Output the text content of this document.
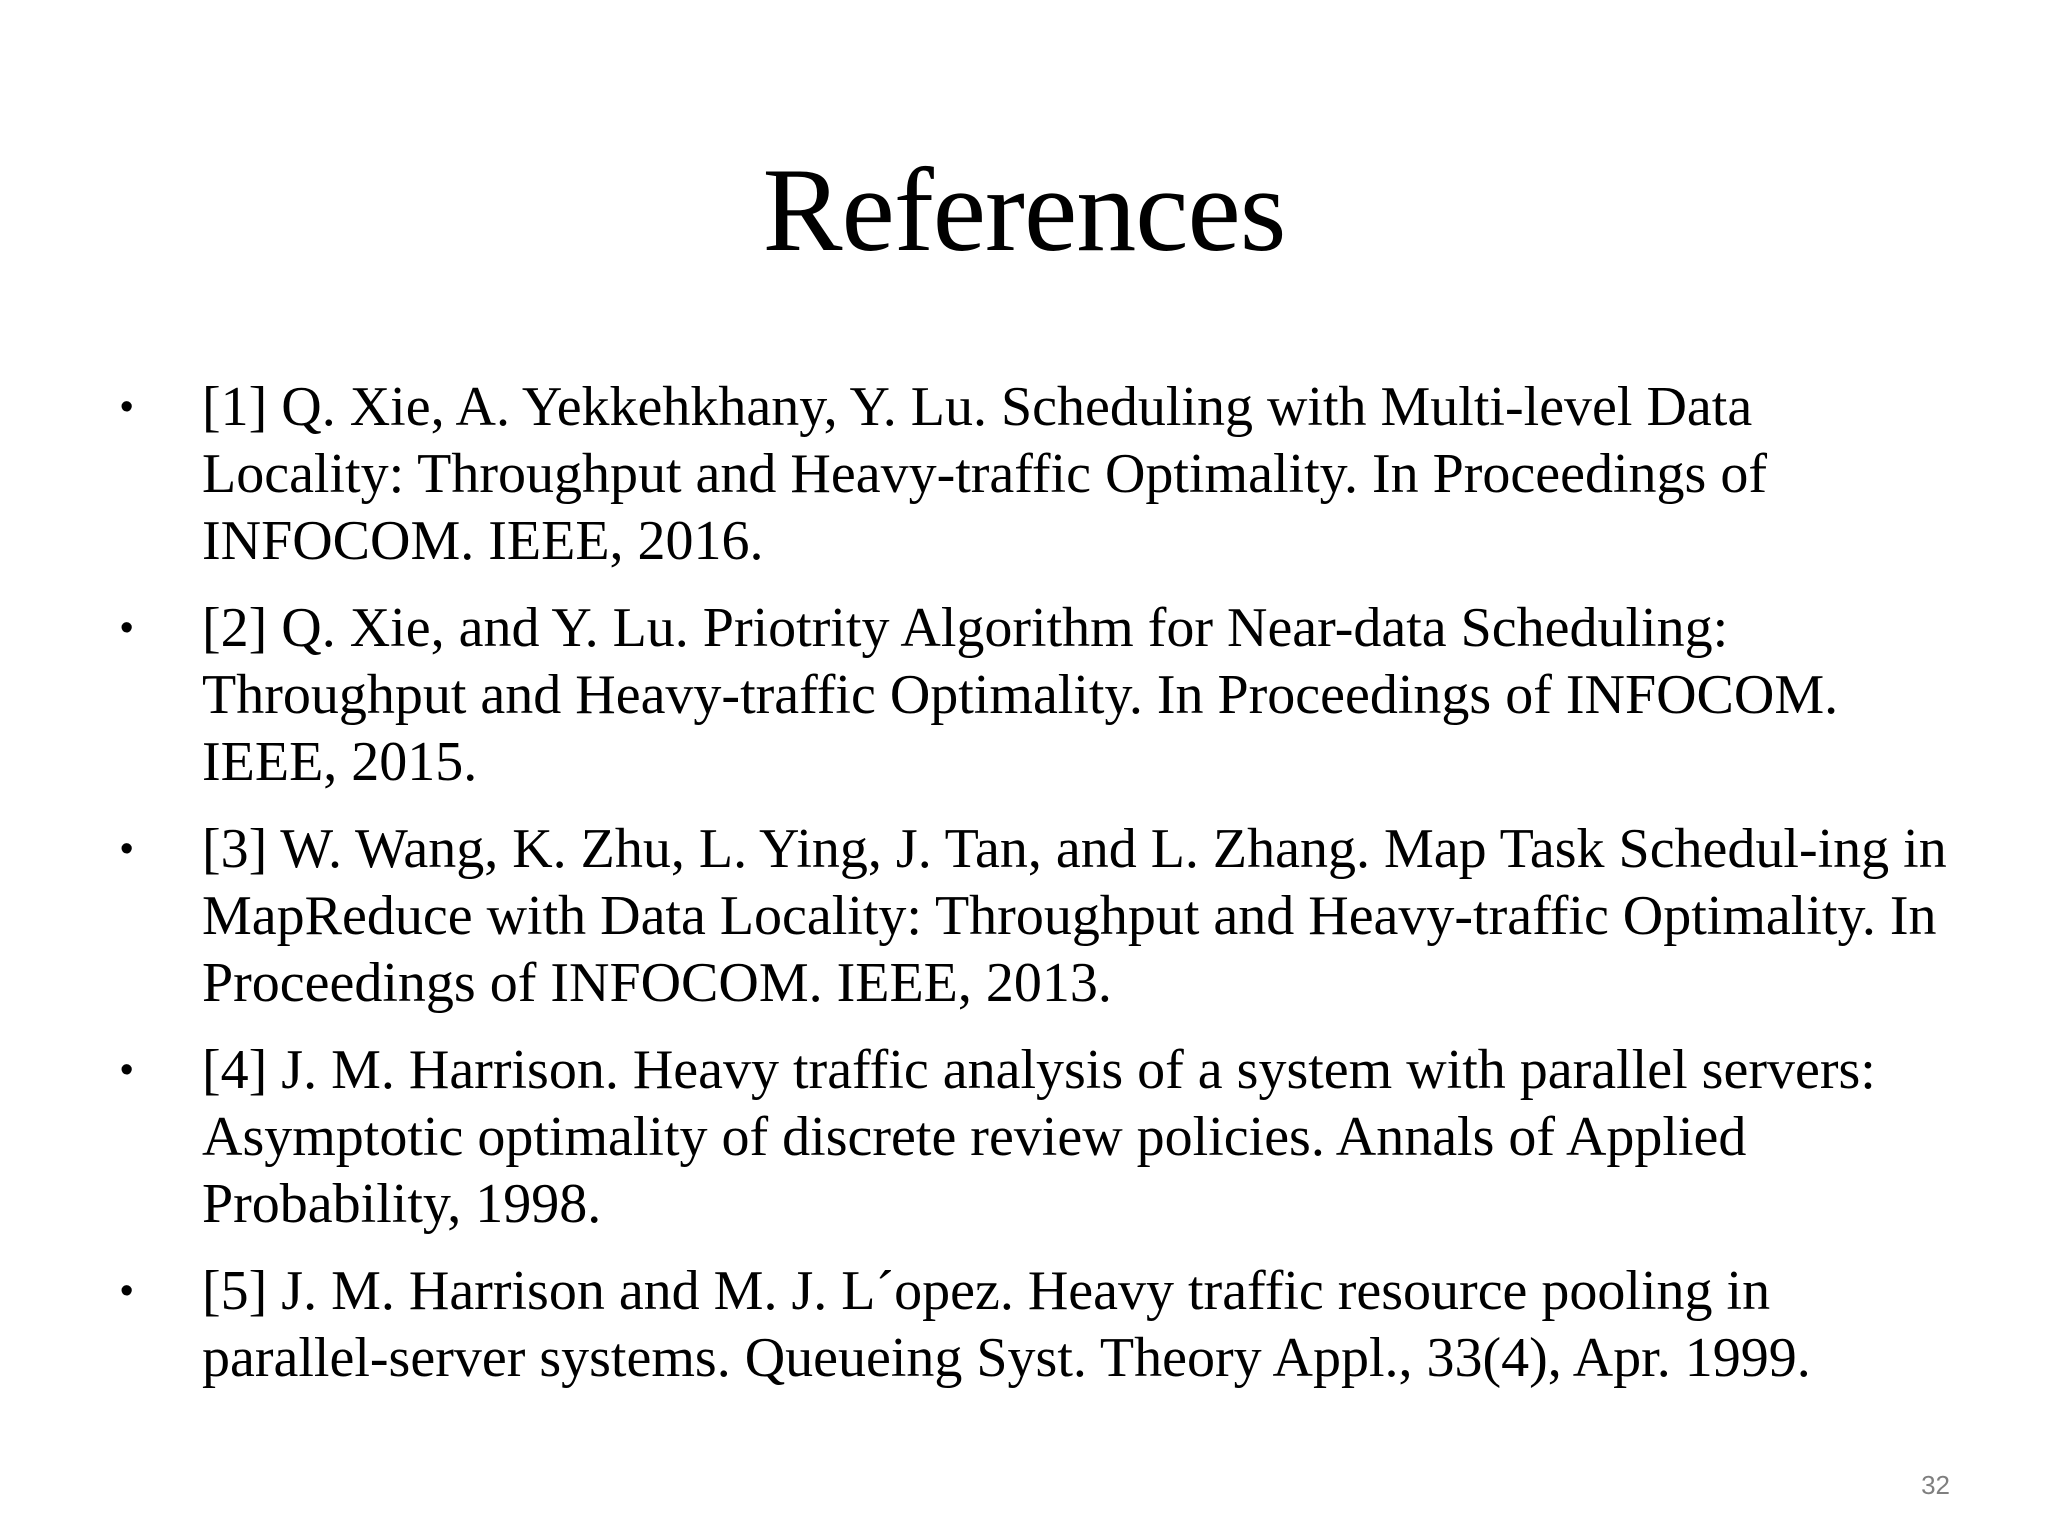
References
•	[1] Q. Xie, A. Yekkehkhany, Y. Lu. Scheduling with Multi-level Data Locality: Throughput and Heavy-traffic Optimality. In Proceedings of INFOCOM. IEEE, 2016.
•	[2] Q. Xie, and Y. Lu. Priotrity Algorithm for Near-data Scheduling: Throughput and Heavy-traffic Optimality. In Proceedings of INFOCOM. IEEE, 2015.
•	[3] W. Wang, K. Zhu, L. Ying, J. Tan, and L. Zhang. Map Task Schedul-ing in MapReduce with Data Locality: Throughput and Heavy-traffic Optimality. In Proceedings of INFOCOM. IEEE, 2013.
•	[4] J. M. Harrison. Heavy traffic analysis of a system with parallel servers: Asymptotic optimality of discrete review policies. Annals of Applied Probability, 1998.
•	[5] J. M. Harrison and M. J. L´opez. Heavy traffic resource pooling in parallel-server systems. Queueing Syst. Theory Appl., 33(4), Apr. 1999.
32
